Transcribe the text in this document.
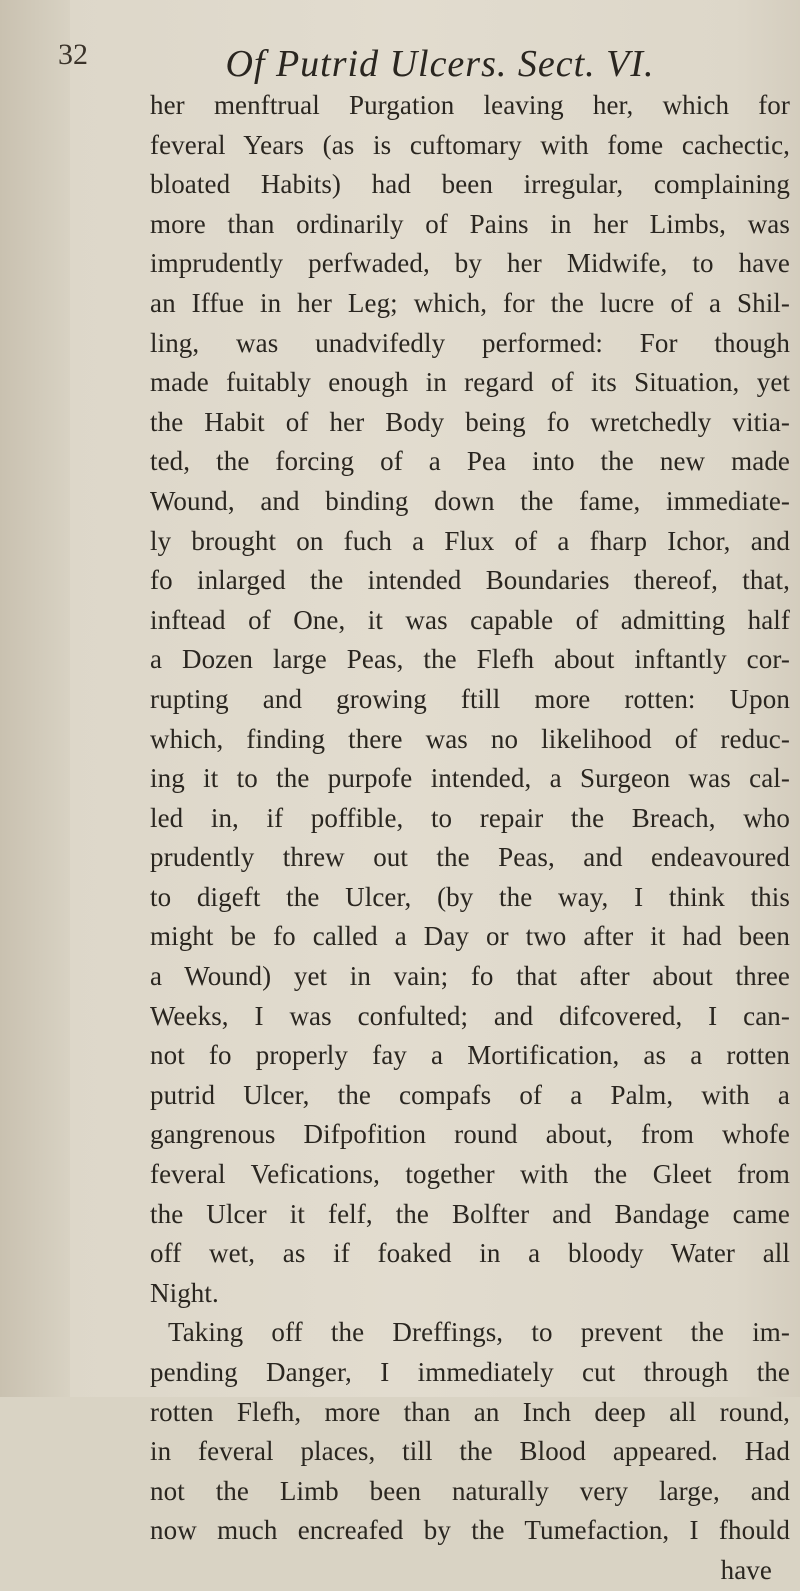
32	Of Putrid Ulcers. Sect. VI.
her menftrual Purgation leaving her, which for
feveral Years (as is cuftomary with fome cachectic,
bloated Habits) had been irregular, complaining
more than ordinarily of Pains in her Limbs, was
imprudently perfwaded, by her Midwife, to have
an Iffue in her Leg; which, for the lucre of a Shil-
ling, was unadvifedly performed: For though
made fuitably enough in regard of its Situation, yet
the Habit of her Body being fo wretchedly vitia-
ted, the forcing of a Pea into the new made
Wound, and binding down the fame, immediate-
ly brought on fuch a Flux of a fharp Ichor, and
fo inlarged the intended Boundaries thereof, that,
inftead of One, it was capable of admitting half
a Dozen large Peas, the Flefh about inftantly cor-
rupting and growing ftill more rotten: Upon
which, finding there was no likelihood of reduc-
ing it to the purpofe intended, a Surgeon was cal-
led in, if poffible, to repair the Breach, who
prudently threw out the Peas, and endeavoured
to digeft the Ulcer, (by the way, I think this
might be fo called a Day or two after it had been
a Wound) yet in vain; fo that after about three
Weeks, I was confulted; and difcovered, I can-
not fo properly fay a Mortification, as a rotten
putrid Ulcer, the compafs of a Palm, with a
gangrenous Difpofition round about, from whofe
feveral Vefications, together with the Gleet from
the Ulcer it felf, the Bolfter and Bandage came
off wet, as if foaked in a bloody Water all
Night.
Taking off the Dreffings, to prevent the im-
pending Danger, I immediately cut through the
rotten Flefh, more than an Inch deep all round,
in feveral places, till the Blood appeared. Had
not the Limb been naturally very large, and
now much encreafed by the Tumefaction, I fhould
have
